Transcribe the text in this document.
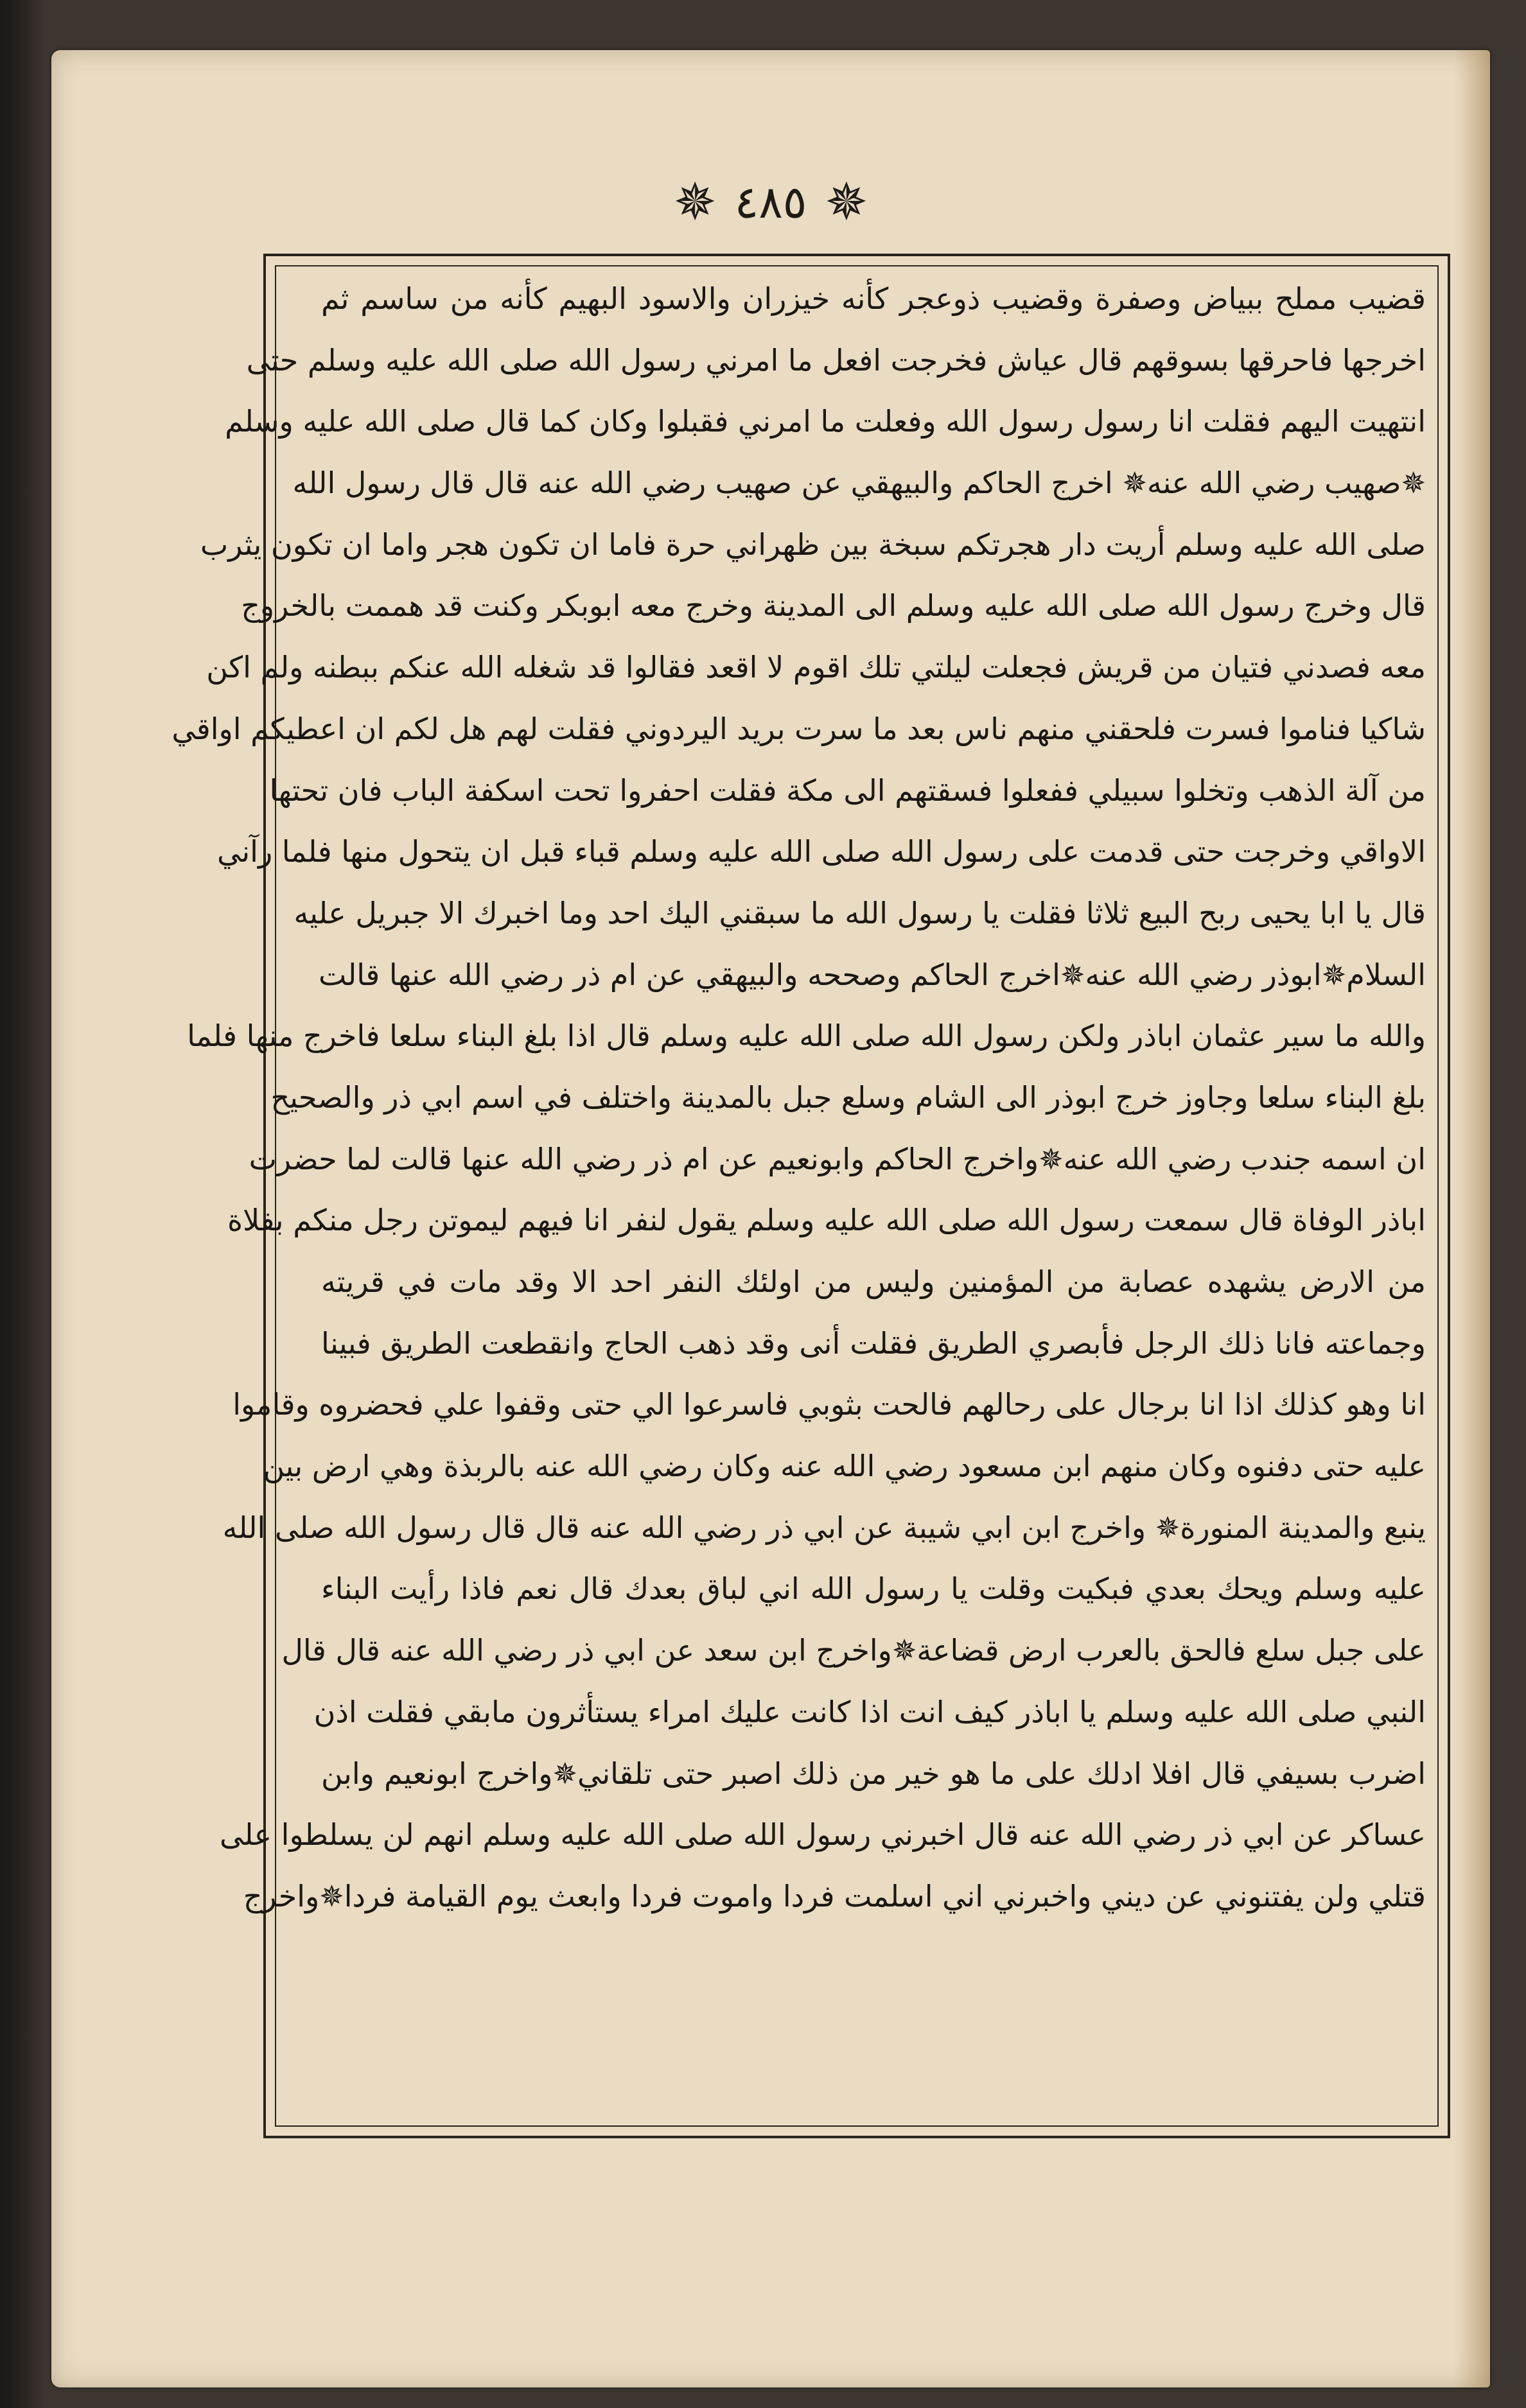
✵ ٤٨٥ ✵
قضيب مملح ببياض وصفرة وقضيب ذوعجر كأنه خيزران والاسود البهيم كأنه من ساسم ثم
اخرجها فاحرقها بسوقهم قال عياش فخرجت افعل ما امرني رسول الله صلى الله عليه وسلم حتى
انتهيت اليهم فقلت انا رسول رسول الله وفعلت ما امرني فقبلوا وكان كما قال صلى الله عليه وسلم
✵صهيب رضي الله عنه✵ اخرج الحاكم والبيهقي عن صهيب رضي الله عنه قال قال رسول الله
صلى الله عليه وسلم أريت دار هجرتكم سبخة بين ظهراني حرة فاما ان تكون هجر واما ان تكون يثرب
قال وخرج رسول الله صلى الله عليه وسلم الى المدينة وخرج معه ابوبكر وكنت قد هممت بالخروج
معه فصدني فتيان من قريش فجعلت ليلتي تلك اقوم لا اقعد فقالوا قد شغله الله عنكم ببطنه ولم اكن
شاكيا فناموا فسرت فلحقني منهم ناس بعد ما سرت بريد اليردوني فقلت لهم هل لكم ان اعطيكم اواقي
من آلة الذهب وتخلوا سبيلي ففعلوا فسقتهم الى مكة فقلت احفروا تحت اسكفة الباب فان تحتها
الاواقي وخرجت حتى قدمت على رسول الله صلى الله عليه وسلم قباء قبل ان يتحول منها فلما رآني
قال يا ابا يحيى ربح البيع ثلاثا فقلت يا رسول الله ما سبقني اليك احد وما اخبرك الا جبريل عليه
السلام✵ابوذر رضي الله عنه✵اخرج الحاكم وصححه والبيهقي عن ام ذر رضي الله عنها قالت
والله ما سير عثمان اباذر ولكن رسول الله صلى الله عليه وسلم قال اذا بلغ البناء سلعا فاخرج منها فلما
بلغ البناء سلعا وجاوز خرج ابوذر الى الشام وسلع جبل بالمدينة واختلف في اسم ابي ذر والصحيح
ان اسمه جندب رضي الله عنه✵واخرج الحاكم وابونعيم عن ام ذر رضي الله عنها قالت لما حضرت
اباذر الوفاة قال سمعت رسول الله صلى الله عليه وسلم يقول لنفر انا فيهم ليموتن رجل منكم بفلاة
من الارض يشهده عصابة من المؤمنين وليس من اولئك النفر احد الا وقد مات في قريته
وجماعته فانا ذلك الرجل فأبصري الطريق فقلت أنى وقد ذهب الحاج وانقطعت الطريق فبينا
انا وهو كذلك اذا انا برجال على رحالهم فالحت بثوبي فاسرعوا الي حتى وقفوا علي فحضروه وقاموا
عليه حتى دفنوه وكان منهم ابن مسعود رضي الله عنه وكان رضي الله عنه بالربذة وهي ارض بين
ينبع والمدينة المنورة✵ واخرج ابن ابي شيبة عن ابي ذر رضي الله عنه قال قال رسول الله صلى الله
عليه وسلم ويحك بعدي فبكيت وقلت يا رسول الله اني لباق بعدك قال نعم فاذا رأيت البناء
على جبل سلع فالحق بالعرب ارض قضاعة✵واخرج ابن سعد عن ابي ذر رضي الله عنه قال قال
النبي صلى الله عليه وسلم يا اباذر كيف انت اذا كانت عليك امراء يستأثرون مابقي فقلت اذن
اضرب بسيفي قال افلا ادلك على ما هو خير من ذلك اصبر حتى تلقاني✵واخرج ابونعيم وابن
عساكر عن ابي ذر رضي الله عنه قال اخبرني رسول الله صلى الله عليه وسلم انهم لن يسلطوا على
قتلي ولن يفتنوني عن ديني واخبرني اني اسلمت فردا واموت فردا وابعث يوم القيامة فردا✵واخرج
